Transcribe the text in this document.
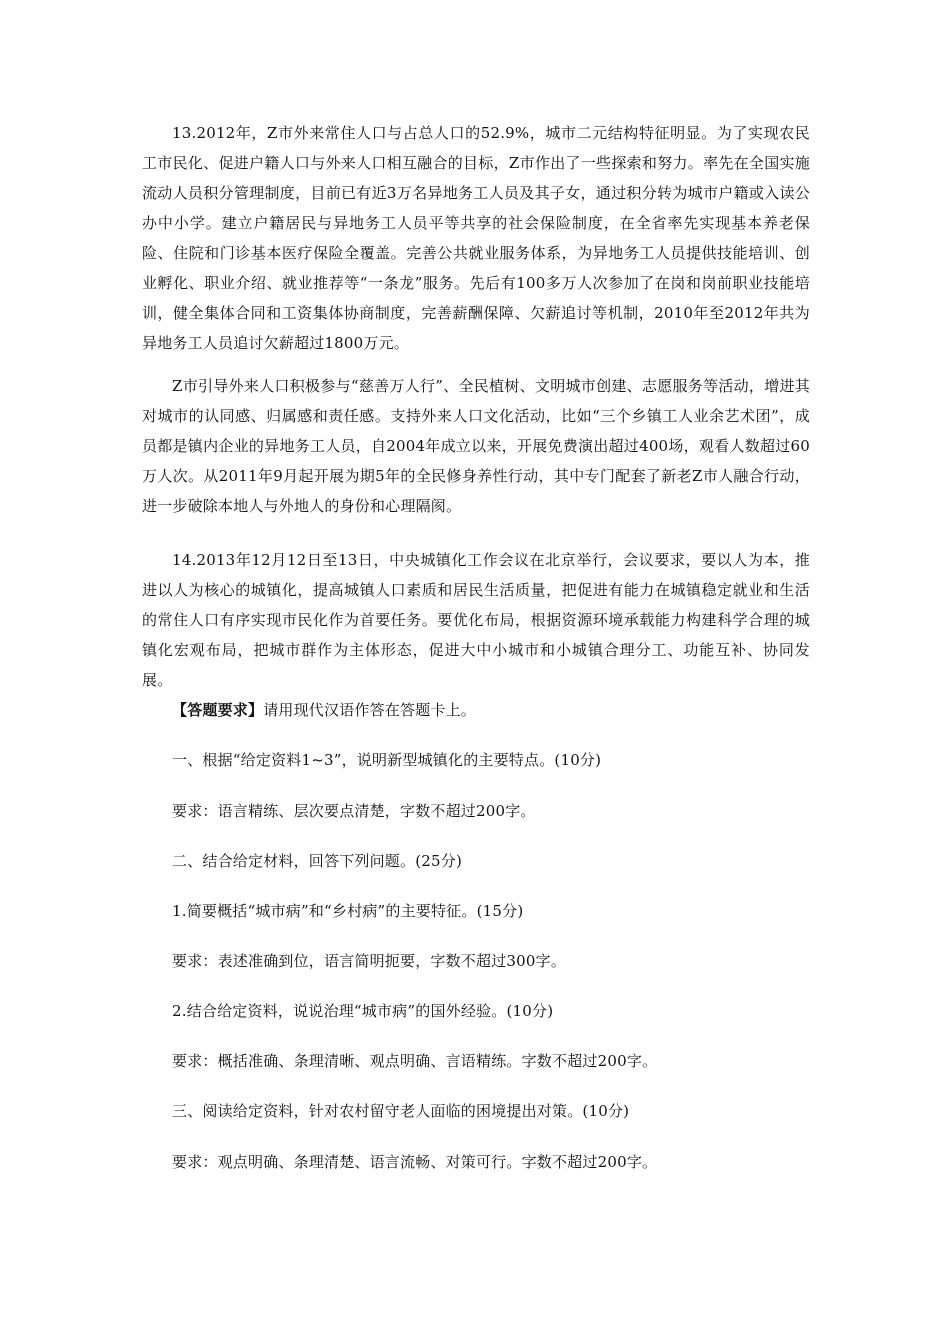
13.2012年，Z市外来常住人口与占总人口的52.9%，城市二元结构特征明显。为了实现农民工市民化、促进户籍人口与外来人口相互融合的目标，Z市作出了一些探索和努力。率先在全国实施流动人员积分管理制度，目前已有近3万名异地务工人员及其子女，通过积分转为城市户籍或入读公办中小学。建立户籍居民与异地务工人员平等共享的社会保险制度，在全省率先实现基本养老保险、住院和门诊基本医疗保险全覆盖。完善公共就业服务体系，为异地务工人员提供技能培训、创业孵化、职业介绍、就业推荐等“一条龙”服务。先后有100多万人次参加了在岗和岗前职业技能培训，健全集体合同和工资集体协商制度，完善薪酬保障、欠薪追讨等机制，2010年至2012年共为异地务工人员追讨欠薪超过1800万元。

Z市引导外来人口积极参与“慈善万人行”、全民植树、文明城市创建、志愿服务等活动，增进其对城市的认同感、归属感和责任感。支持外来人口文化活动，比如“三个乡镇工人业余艺术团”，成员都是镇内企业的异地务工人员，自2004年成立以来，开展免费演出超过400场，观看人数超过60万人次。从2011年9月起开展为期5年的全民修身养性行动，其中专门配套了新老Z市人融合行动，进一步破除本地人与外地人的身份和心理隔阂。

14.2013年12月12日至13日，中央城镇化工作会议在北京举行，会议要求，要以人为本，推进以人为核心的城镇化，提高城镇人口素质和居民生活质量，把促进有能力在城镇稳定就业和生活的常住人口有序实现市民化作为首要任务。要优化布局，根据资源环境承载能力构建科学合理的城镇化宏观布局，把城市群作为主体形态，促进大中小城市和小城镇合理分工、功能互补、协同发展。

【答题要求】请用现代汉语作答在答题卡上。
一、根据“给定资料1~3”，说明新型城镇化的主要特点。(10分)
要求：语言精练、层次要点清楚，字数不超过200字。
二、结合给定材料，回答下列问题。(25分)
1.简要概括“城市病”和“乡村病”的主要特征。(15分)
要求：表述准确到位，语言简明扼要，字数不超过300字。
2.结合给定资料，说说治理“城市病”的国外经验。(10分)
要求：概括准确、条理清晰、观点明确、言语精练。字数不超过200字。
三、阅读给定资料，针对农村留守老人面临的困境提出对策。(10分)
要求：观点明确、条理清楚、语言流畅、对策可行。字数不超过200字。
